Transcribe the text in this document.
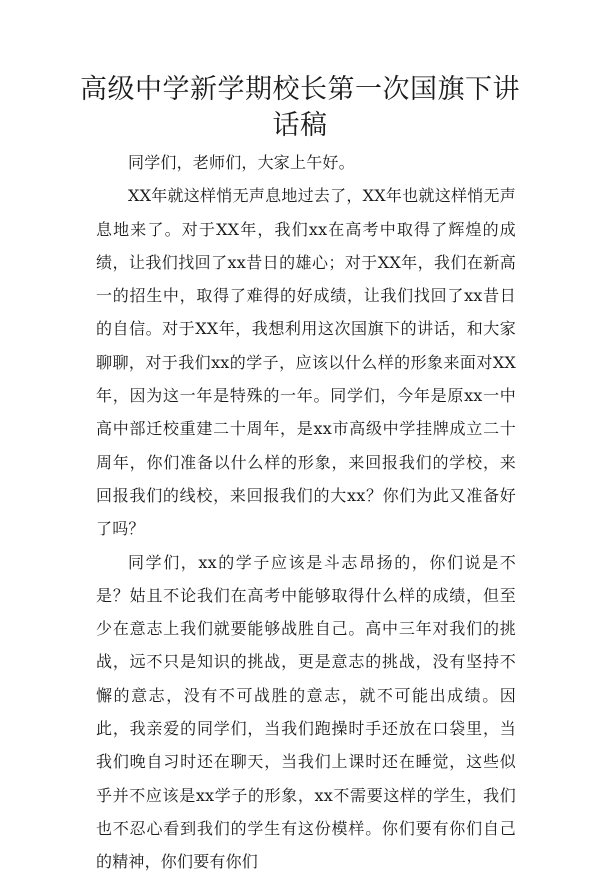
高级中学新学期校长第一次国旗下讲话稿

同学们，老师们，大家上午好。

XX年就这样悄无声息地过去了，XX年也就这样悄无声息地来了。对于XX年，我们xx在高考中取得了辉煌的成绩，让我们找回了xx昔日的雄心；对于XX年，我们在新高一的招生中，取得了难得的好成绩，让我们找回了xx昔日的自信。对于XX年，我想利用这次国旗下的讲话，和大家聊聊，对于我们xx的学子，应该以什么样的形象来面对XX年，因为这一年是特殊的一年。同学们，今年是原xx一中高中部迁校重建二十周年，是xx市高级中学挂牌成立二十周年，你们准备以什么样的形象，来回报我们的学校，来回报我们的线校，来回报我们的大xx？你们为此又准备好了吗？

同学们，xx的学子应该是斗志昂扬的，你们说是不是？姑且不论我们在高考中能够取得什么样的成绩，但至少在意志上我们就要能够战胜自己。高中三年对我们的挑战，远不只是知识的挑战，更是意志的挑战，没有坚持不懈的意志，没有不可战胜的意志，就不可能出成绩。因此，我亲爱的同学们，当我们跑操时手还放在口袋里，当我们晚自习时还在聊天，当我们上课时还在睡觉，这些似乎并不应该是xx学子的形象，xx不需要这样的学生，我们也不忍心看到我们的学生有这份模样。你们要有你们自己的精神，你们要有你们
